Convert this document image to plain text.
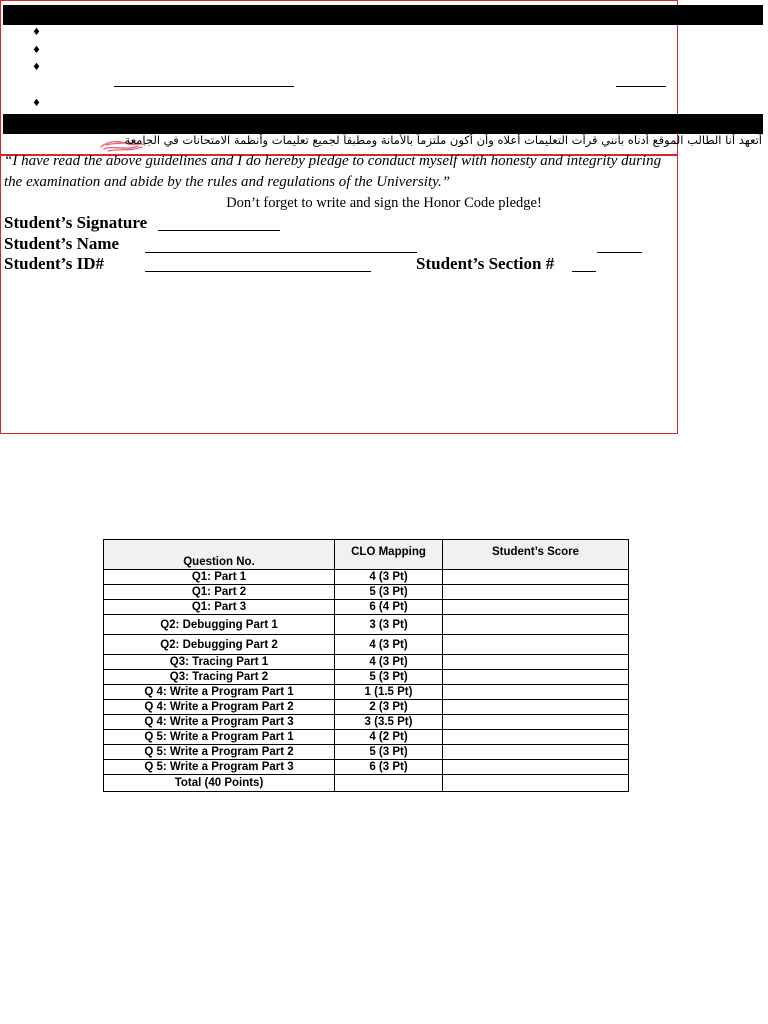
♦
♦
♦
♦
أتعهد أنا الطالب الموقع أدناه بأنني قرأت التعليمات أعلاه وأن أكون ملتزماً بالأمانة ومطبقاً لجميع تعليمات وأنظمة الامتحانات في الجامعة
“I have read the above guidelines and I do hereby pledge to conduct myself with honesty and integrity during the examination and abide by the rules and regulations of the University.”
Don’t forget to write and sign the Honor Code pledge!
Student’s Signature
Student’s Name
Student’s ID#	Student’s Section #
Question No.	CLO Mapping	Student’s Score
Q1: Part 1	4 (3 Pt)	
Q1: Part 2	5 (3 Pt)	
Q1: Part 3	6 (4 Pt)	
Q2: Debugging Part 1	3 (3 Pt)	
Q2: Debugging Part 2	4 (3 Pt)	
Q3: Tracing Part 1	4 (3 Pt)	
Q3: Tracing Part 2	5 (3 Pt)	
Q 4: Write a Program Part 1	1 (1.5 Pt)	
Q 4: Write a Program Part 2	2 (3 Pt)	
Q 4: Write a Program Part 3	3 (3.5 Pt)	
Q 5: Write a Program Part 1	4 (2 Pt)	
Q 5: Write a Program Part 2	5 (3 Pt)	
Q 5: Write a Program Part 3	6 (3 Pt)	
Total (40 Points)		
